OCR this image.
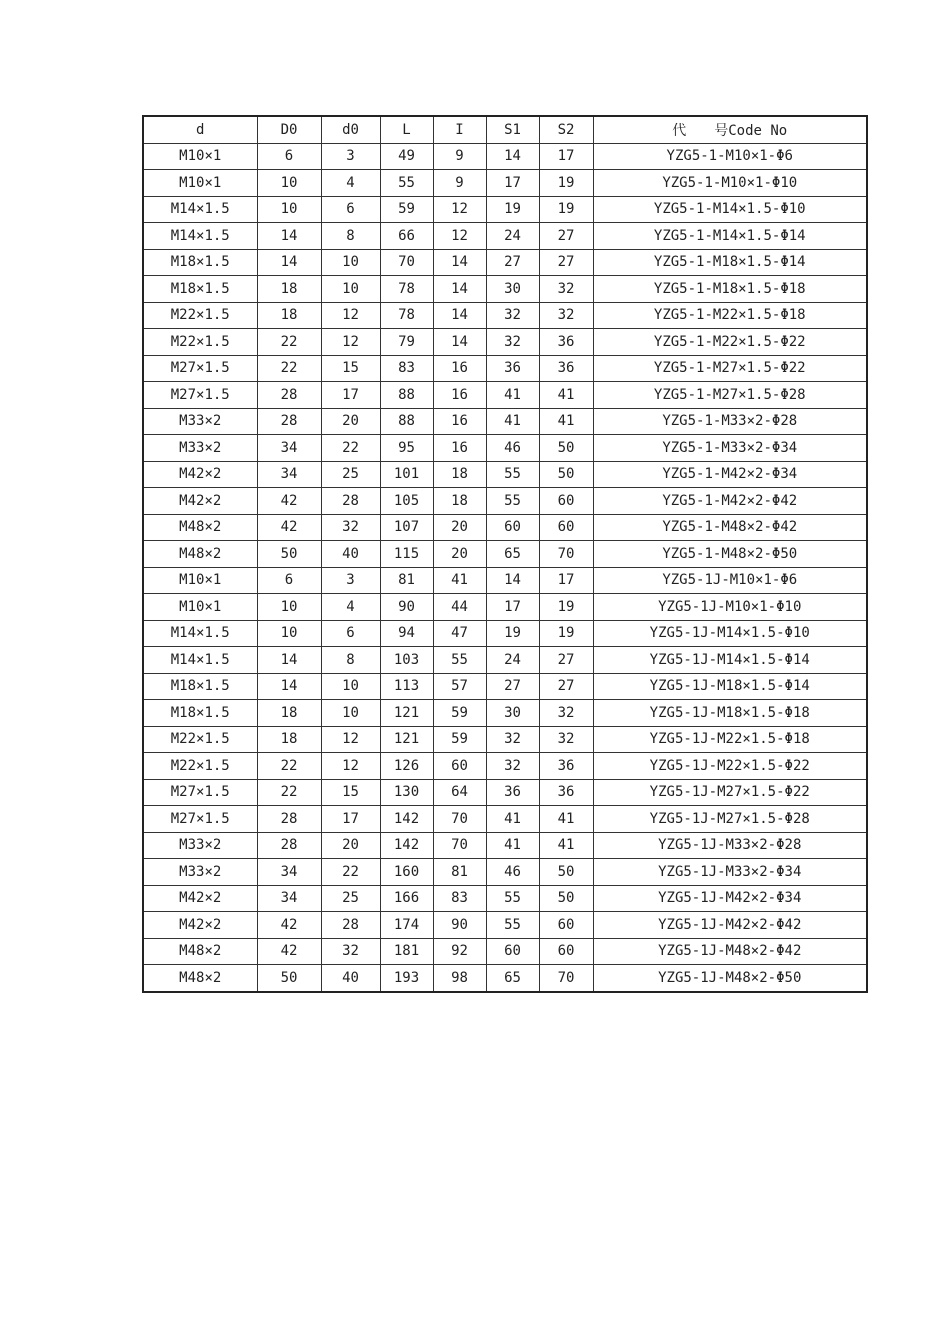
d	D0	d0	L	I	S1	S2	代　　号Code No
M10×1	6	3	49	9	14	17	YZG5-1-M10×1-Φ6
M10×1	10	4	55	9	17	19	YZG5-1-M10×1-Φ10
M14×1.5	10	6	59	12	19	19	YZG5-1-M14×1.5-Φ10
M14×1.5	14	8	66	12	24	27	YZG5-1-M14×1.5-Φ14
M18×1.5	14	10	70	14	27	27	YZG5-1-M18×1.5-Φ14
M18×1.5	18	10	78	14	30	32	YZG5-1-M18×1.5-Φ18
M22×1.5	18	12	78	14	32	32	YZG5-1-M22×1.5-Φ18
M22×1.5	22	12	79	14	32	36	YZG5-1-M22×1.5-Φ22
M27×1.5	22	15	83	16	36	36	YZG5-1-M27×1.5-Φ22
M27×1.5	28	17	88	16	41	41	YZG5-1-M27×1.5-Φ28
M33×2	28	20	88	16	41	41	YZG5-1-M33×2-Φ28
M33×2	34	22	95	16	46	50	YZG5-1-M33×2-Φ34
M42×2	34	25	101	18	55	50	YZG5-1-M42×2-Φ34
M42×2	42	28	105	18	55	60	YZG5-1-M42×2-Φ42
M48×2	42	32	107	20	60	60	YZG5-1-M48×2-Φ42
M48×2	50	40	115	20	65	70	YZG5-1-M48×2-Φ50
M10×1	6	3	81	41	14	17	YZG5-1J-M10×1-Φ6
M10×1	10	4	90	44	17	19	YZG5-1J-M10×1-Φ10
M14×1.5	10	6	94	47	19	19	YZG5-1J-M14×1.5-Φ10
M14×1.5	14	8	103	55	24	27	YZG5-1J-M14×1.5-Φ14
M18×1.5	14	10	113	57	27	27	YZG5-1J-M18×1.5-Φ14
M18×1.5	18	10	121	59	30	32	YZG5-1J-M18×1.5-Φ18
M22×1.5	18	12	121	59	32	32	YZG5-1J-M22×1.5-Φ18
M22×1.5	22	12	126	60	32	36	YZG5-1J-M22×1.5-Φ22
M27×1.5	22	15	130	64	36	36	YZG5-1J-M27×1.5-Φ22
M27×1.5	28	17	142	70	41	41	YZG5-1J-M27×1.5-Φ28
M33×2	28	20	142	70	41	41	YZG5-1J-M33×2-Φ28
M33×2	34	22	160	81	46	50	YZG5-1J-M33×2-Φ34
M42×2	34	25	166	83	55	50	YZG5-1J-M42×2-Φ34
M42×2	42	28	174	90	55	60	YZG5-1J-M42×2-Φ42
M48×2	42	32	181	92	60	60	YZG5-1J-M48×2-Φ42
M48×2	50	40	193	98	65	70	YZG5-1J-M48×2-Φ50
